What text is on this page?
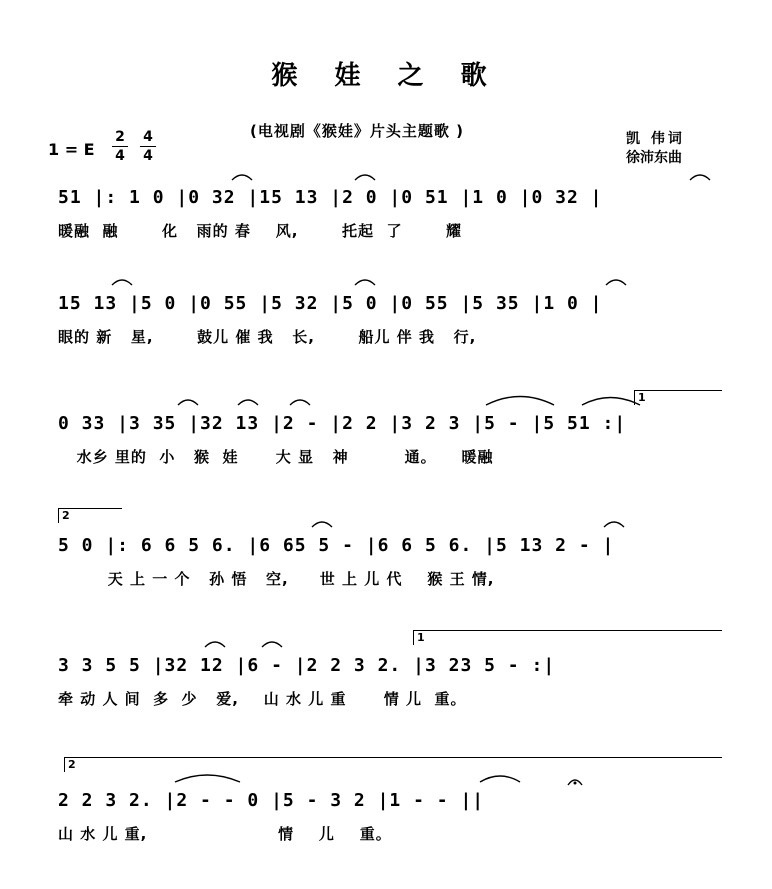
猴 娃 之 歌
(电视剧《猴娃》片头主题歌 )
1 = E
2
4
4
4
凯 伟词
徐沛东曲
51 |: 1 0 |0 32 |15 13 |2 0 |0 51 |1 0 |0 32 |
暖融  融       化   雨的 春    风,       托起  了       耀
15 13 |5 0 |0 55 |5 32 |5 0 |0 55 |5 35 |1 0 |
眼的 新   星,       鼓儿 催 我   长,       船儿 伴 我   行,
1
0 33 |3 35 |32 13 |2 - |2 2 |3 2 3 |5 - |5 51 :|
水乡 里的  小   猴  娃      大 显   神         通。    暖融
2
5 0 |: 6 6 5 6. |6 65 5 - |6 6 5 6. |5 13 2 - |
天 上 一 个   孙 悟   空,     世 上 儿 代    猴 王 情,
1
3 3 5 5 |32 12 |6 - |2 2 3 2. |3 23 5 - :|
牵 动 人 间  多  少   爱,    山 水 儿 重      情 儿  重。
2
2 2 3 2. |2 - - 0 |5 - 3 2 |1 - - ||
山 水 儿 重,                     情    儿    重。
